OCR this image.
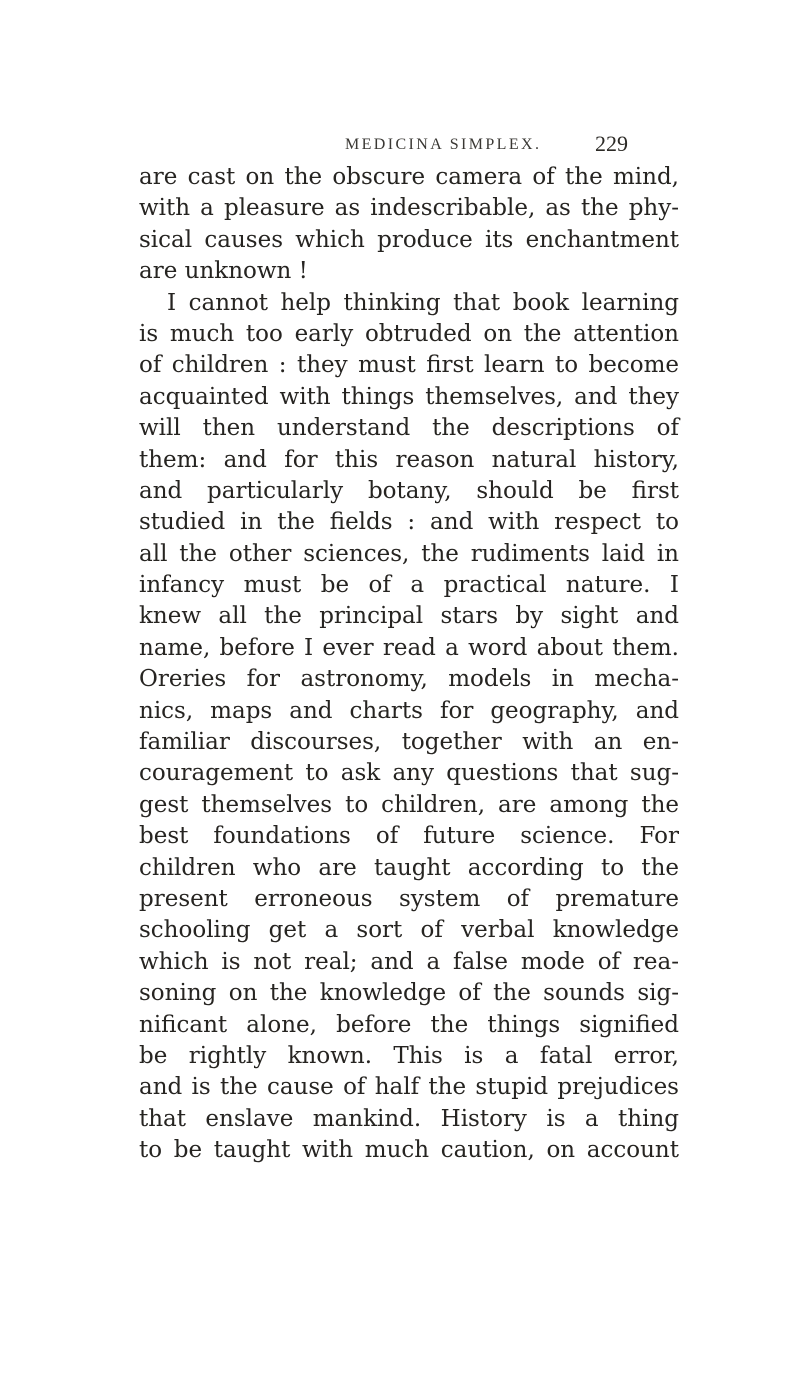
MEDICINA SIMPLEX. 229
are cast on the obscure camera of the mind,
with a pleasure as indescribable, as the phy-
sical causes which produce its enchantment
are unknown !
I cannot help thinking that book learning
is much too early obtruded on the attention
of children : they must first learn to become
acquainted with things themselves, and they
will then understand the descriptions of
them: and for this reason natural history,
and particularly botany, should be first
studied in the fields : and with respect to
all the other sciences, the rudiments laid in
infancy must be of a practical nature. I
knew all the principal stars by sight and
name, before I ever read a word about them.
Oreries for astronomy, models in mecha-
nics, maps and charts for geography, and
familiar discourses, together with an en-
couragement to ask any questions that sug-
gest themselves to children, are among the
best foundations of future science. For
children who are taught according to the
present erroneous system of premature
schooling get a sort of verbal knowledge
which is not real; and a false mode of rea-
soning on the knowledge of the sounds sig-
nificant alone, before the things signified
be rightly known. This is a fatal error,
and is the cause of half the stupid prejudices
that enslave mankind. History is a thing
to be taught with much caution, on account
